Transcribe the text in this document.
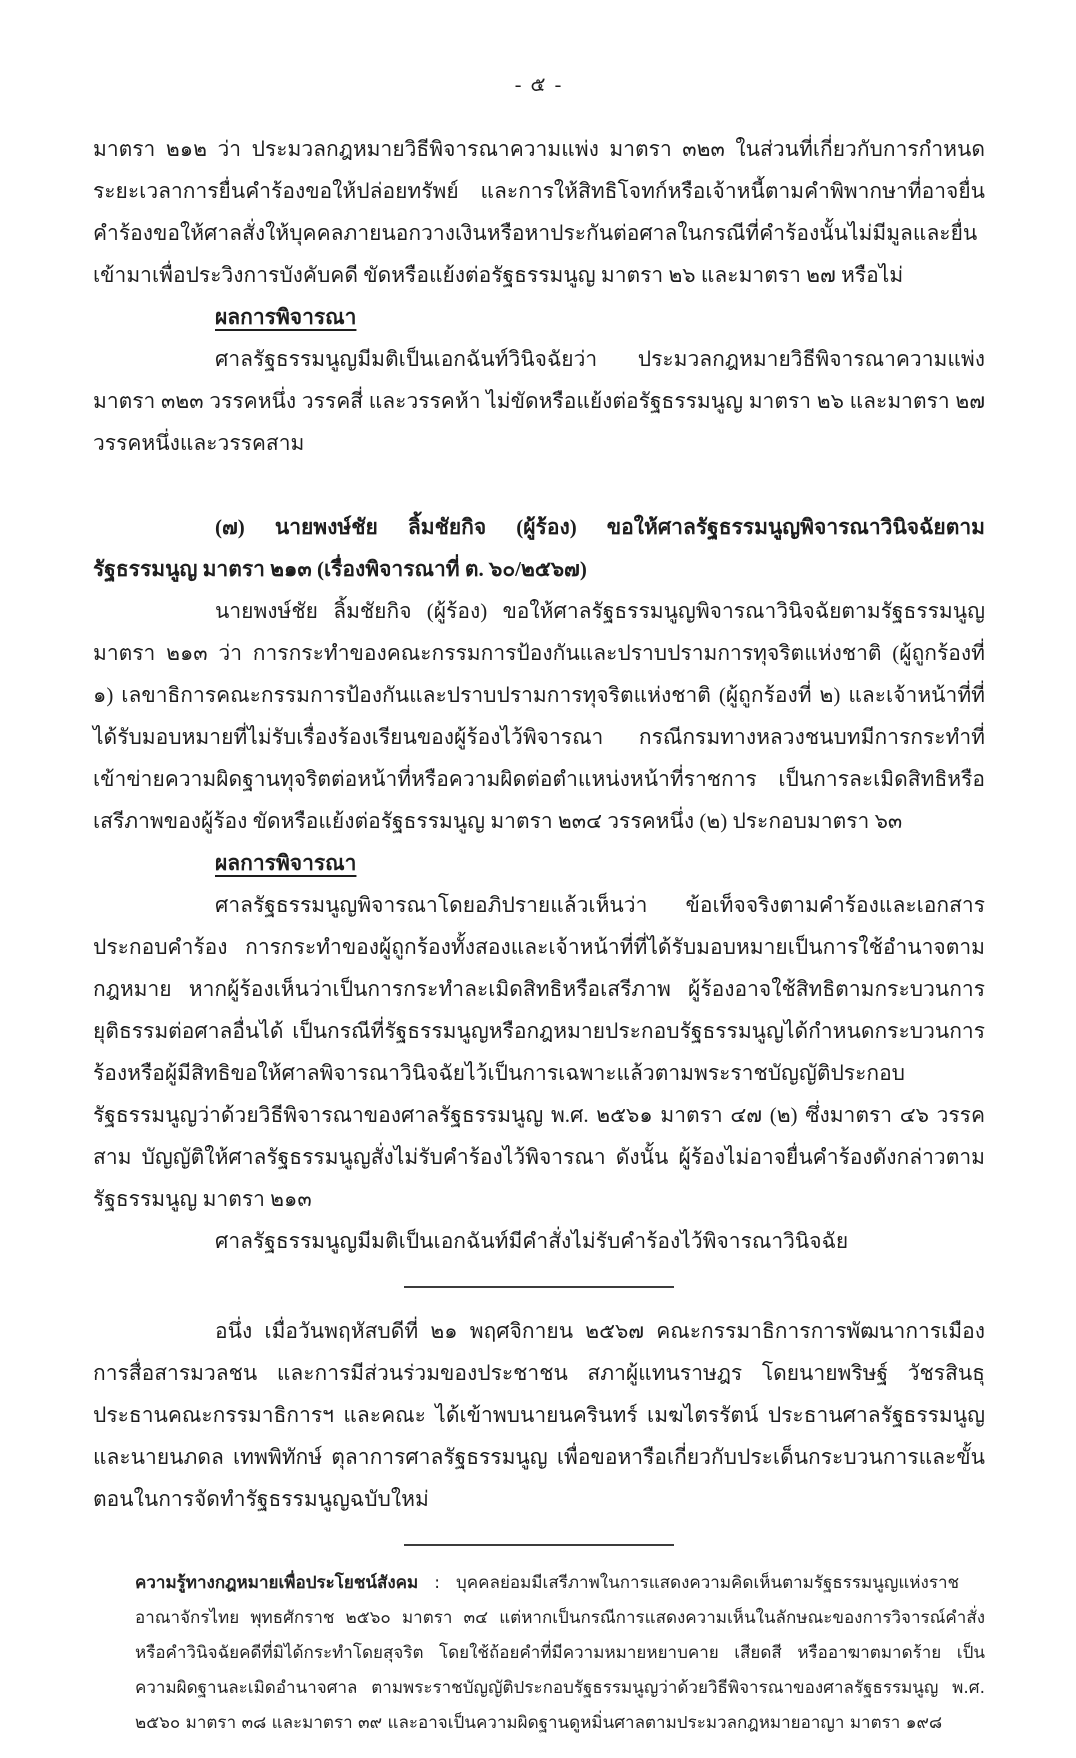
- ๕ -

มาตรา ๒๑๒ ว่า ประมวลกฎหมายวิธีพิจารณาความแพ่ง มาตรา ๓๒๓ ในส่วนที่เกี่ยวกับการกำหนดระยะเวลาการยื่นคำร้องขอให้ปล่อยทรัพย์ และการให้สิทธิโจทก์หรือเจ้าหนี้ตามคำพิพากษาที่อาจยื่นคำร้องขอให้ศาลสั่งให้บุคคลภายนอกวางเงินหรือหาประกันต่อศาลในกรณีที่คำร้องนั้นไม่มีมูลและยื่นเข้ามาเพื่อประวิงการบังคับคดี ขัดหรือแย้งต่อรัฐธรรมนูญ มาตรา ๒๖ และมาตรา ๒๗ หรือไม่

ผลการพิจารณา

ศาลรัฐธรรมนูญมีมติเป็นเอกฉันท์วินิจฉัยว่า ประมวลกฎหมายวิธีพิจารณาความแพ่ง มาตรา ๓๒๓ วรรคหนึ่ง วรรคสี่ และวรรคห้า ไม่ขัดหรือแย้งต่อรัฐธรรมนูญ มาตรา ๒๖ และมาตรา ๒๗ วรรคหนึ่งและวรรคสาม

(๗) นายพงษ์ชัย ลิ้มชัยกิจ (ผู้ร้อง) ขอให้ศาลรัฐธรรมนูญพิจารณาวินิจฉัยตามรัฐธรรมนูญ มาตรา ๒๑๓ (เรื่องพิจารณาที่ ต. ๖๐/๒๕๖๗)

นายพงษ์ชัย ลิ้มชัยกิจ (ผู้ร้อง) ขอให้ศาลรัฐธรรมนูญพิจารณาวินิจฉัยตามรัฐธรรมนูญ มาตรา ๒๑๓ ว่า การกระทำของคณะกรรมการป้องกันและปราบปรามการทุจริตแห่งชาติ (ผู้ถูกร้องที่ ๑) เลขาธิการคณะกรรมการป้องกันและปราบปรามการทุจริตแห่งชาติ (ผู้ถูกร้องที่ ๒) และเจ้าหน้าที่ที่ได้รับมอบหมายที่ไม่รับเรื่องร้องเรียนของผู้ร้องไว้พิจารณา กรณีกรมทางหลวงชนบทมีการกระทำที่เข้าข่ายความผิดฐานทุจริตต่อหน้าที่หรือความผิดต่อตำแหน่งหน้าที่ราชการ เป็นการละเมิดสิทธิหรือเสรีภาพของผู้ร้อง ขัดหรือแย้งต่อรัฐธรรมนูญ มาตรา ๒๓๔ วรรคหนึ่ง (๒) ประกอบมาตรา ๖๓

ผลการพิจารณา

ศาลรัฐธรรมนูญพิจารณาโดยอภิปรายแล้วเห็นว่า ข้อเท็จจริงตามคำร้องและเอกสารประกอบคำร้อง การกระทำของผู้ถูกร้องทั้งสองและเจ้าหน้าที่ที่ได้รับมอบหมายเป็นการใช้อำนาจตามกฎหมาย หากผู้ร้องเห็นว่าเป็นการกระทำละเมิดสิทธิหรือเสรีภาพ ผู้ร้องอาจใช้สิทธิตามกระบวนการยุติธรรมต่อศาลอื่นได้ เป็นกรณีที่รัฐธรรมนูญหรือกฎหมายประกอบรัฐธรรมนูญได้กำหนดกระบวนการร้องหรือผู้มีสิทธิขอให้ศาลพิจารณาวินิจฉัยไว้เป็นการเฉพาะแล้วตามพระราชบัญญัติประกอบรัฐธรรมนูญว่าด้วยวิธีพิจารณาของศาลรัฐธรรมนูญ พ.ศ. ๒๕๖๑ มาตรา ๔๗ (๒) ซึ่งมาตรา ๔๖ วรรคสาม บัญญัติให้ศาลรัฐธรรมนูญสั่งไม่รับคำร้องไว้พิจารณา ดังนั้น ผู้ร้องไม่อาจยื่นคำร้องดังกล่าวตามรัฐธรรมนูญ มาตรา ๒๑๓

ศาลรัฐธรรมนูญมีมติเป็นเอกฉันท์มีคำสั่งไม่รับคำร้องไว้พิจารณาวินิจฉัย

อนึ่ง เมื่อวันพฤหัสบดีที่ ๒๑ พฤศจิกายน ๒๕๖๗ คณะกรรมาธิการการพัฒนาการเมือง การสื่อสารมวลชน และการมีส่วนร่วมของประชาชน สภาผู้แทนราษฎร โดยนายพริษฐ์ วัชรสินธุ ประธานคณะกรรมาธิการฯ และคณะ ได้เข้าพบนายนครินทร์ เมฆไตรรัตน์ ประธานศาลรัฐธรรมนูญ และนายนภดล เทพพิทักษ์ ตุลาการศาลรัฐธรรมนูญ เพื่อขอหารือเกี่ยวกับประเด็นกระบวนการและขั้นตอนในการจัดทำรัฐธรรมนูญฉบับใหม่

ความรู้ทางกฎหมายเพื่อประโยชน์สังคม : บุคคลย่อมมีเสรีภาพในการแสดงความคิดเห็นตามรัฐธรรมนูญแห่งราชอาณาจักรไทย พุทธศักราช ๒๕๖๐ มาตรา ๓๔ แต่หากเป็นกรณีการแสดงความเห็นในลักษณะของการวิจารณ์คำสั่งหรือคำวินิจฉัยคดีที่มิได้กระทำโดยสุจริต โดยใช้ถ้อยคำที่มีความหมายหยาบคาย เสียดสี หรืออาฆาตมาดร้าย เป็นความผิดฐานละเมิดอำนาจศาล ตามพระราชบัญญัติประกอบรัฐธรรมนูญว่าด้วยวิธีพิจารณาของศาลรัฐธรรมนูญ พ.ศ. ๒๕๖๐ มาตรา ๓๘ และมาตรา ๓๙ และอาจเป็นความผิดฐานดูหมิ่นศาลตามประมวลกฎหมายอาญา มาตรา ๑๙๘
